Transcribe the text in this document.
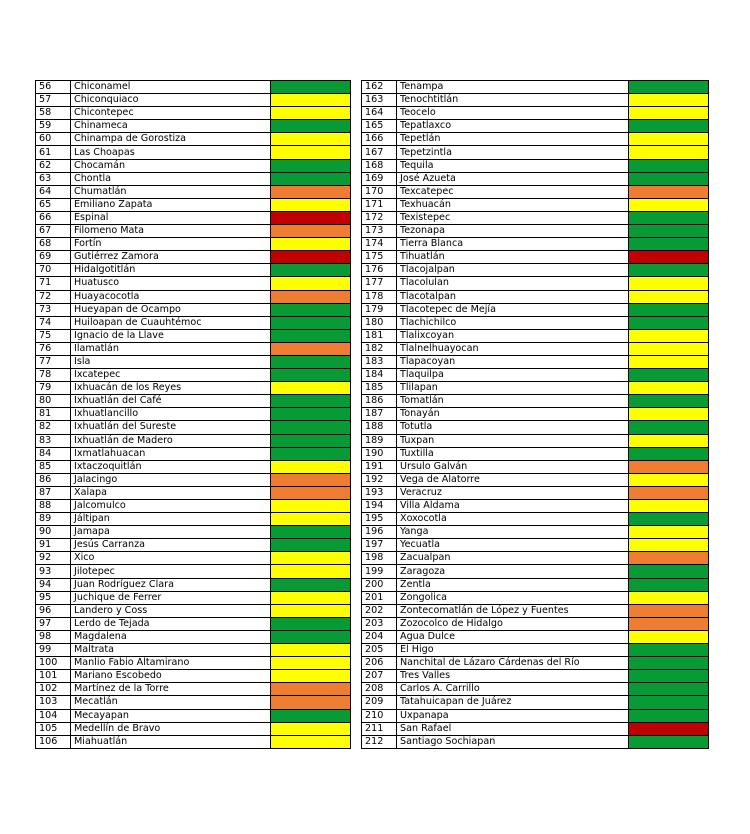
56	Chiconamel	
57	Chiconquiaco	
58	Chicontepec	
59	Chinameca	
60	Chinampa de Gorostiza	
61	Las Choapas	
62	Chocamán	
63	Chontla	
64	Chumatlán	
65	Emiliano Zapata	
66	Espinal	
67	Filomeno Mata	
68	Fortín	
69	Gutiérrez Zamora	
70	Hidalgotitlán	
71	Huatusco	
72	Huayacocotla	
73	Hueyapan de Ocampo	
74	Huiloapan de Cuauhtémoc	
75	Ignacio de la Llave	
76	Ilamatlán	
77	Isla	
78	Ixcatepec	
79	Ixhuacán de los Reyes	
80	Ixhuatlán del Café	
81	Ixhuatlancillo	
82	Ixhuatlán del Sureste	
83	Ixhuatlán de Madero	
84	Ixmatlahuacan	
85	Ixtaczoquitlán	
86	Jalacingo	
87	Xalapa	
88	Jalcomulco	
89	Jáltipan	
90	Jamapa	
91	Jesús Carranza	
92	Xico	
93	Jilotepec	
94	Juan Rodríguez Clara	
95	Juchique de Ferrer	
96	Landero y Coss	
97	Lerdo de Tejada	
98	Magdalena	
99	Maltrata	
100	Manlio Fabio Altamirano	
101	Mariano Escobedo	
102	Martínez de la Torre	
103	Mecatlán	
104	Mecayapan	
105	Medellín de Bravo	
106	Miahuatlán	
162	Tenampa	
163	Tenochtitlán	
164	Teocelo	
165	Tepatlaxco	
166	Tepetlán	
167	Tepetzintla	
168	Tequila	
169	José Azueta	
170	Texcatepec	
171	Texhuacán	
172	Texistepec	
173	Tezonapa	
174	Tierra Blanca	
175	Tihuatlán	
176	Tlacojalpan	
177	Tlacolulan	
178	Tlacotalpan	
179	Tlacotepec de Mejía	
180	Tlachichilco	
181	Tlalixcoyan	
182	Tlalnelhuayocan	
183	Tlapacoyan	
184	Tlaquilpa	
185	Tlilapan	
186	Tomatlán	
187	Tonayán	
188	Totutla	
189	Tuxpan	
190	Tuxtilla	
191	Ursulo Galván	
192	Vega de Alatorre	
193	Veracruz	
194	Villa Aldama	
195	Xoxocotla	
196	Yanga	
197	Yecuatla	
198	Zacualpan	
199	Zaragoza	
200	Zentla	
201	Zongolica	
202	Zontecomatlán de López y Fuentes	
203	Zozocolco de Hidalgo	
204	Agua Dulce	
205	El Higo	
206	Nanchital de Lázaro Cárdenas del Río	
207	Tres Valles	
208	Carlos A. Carrillo	
209	Tatahuicapan de Juárez	
210	Uxpanapa	
211	San Rafael	
212	Santiago Sochiapan	
